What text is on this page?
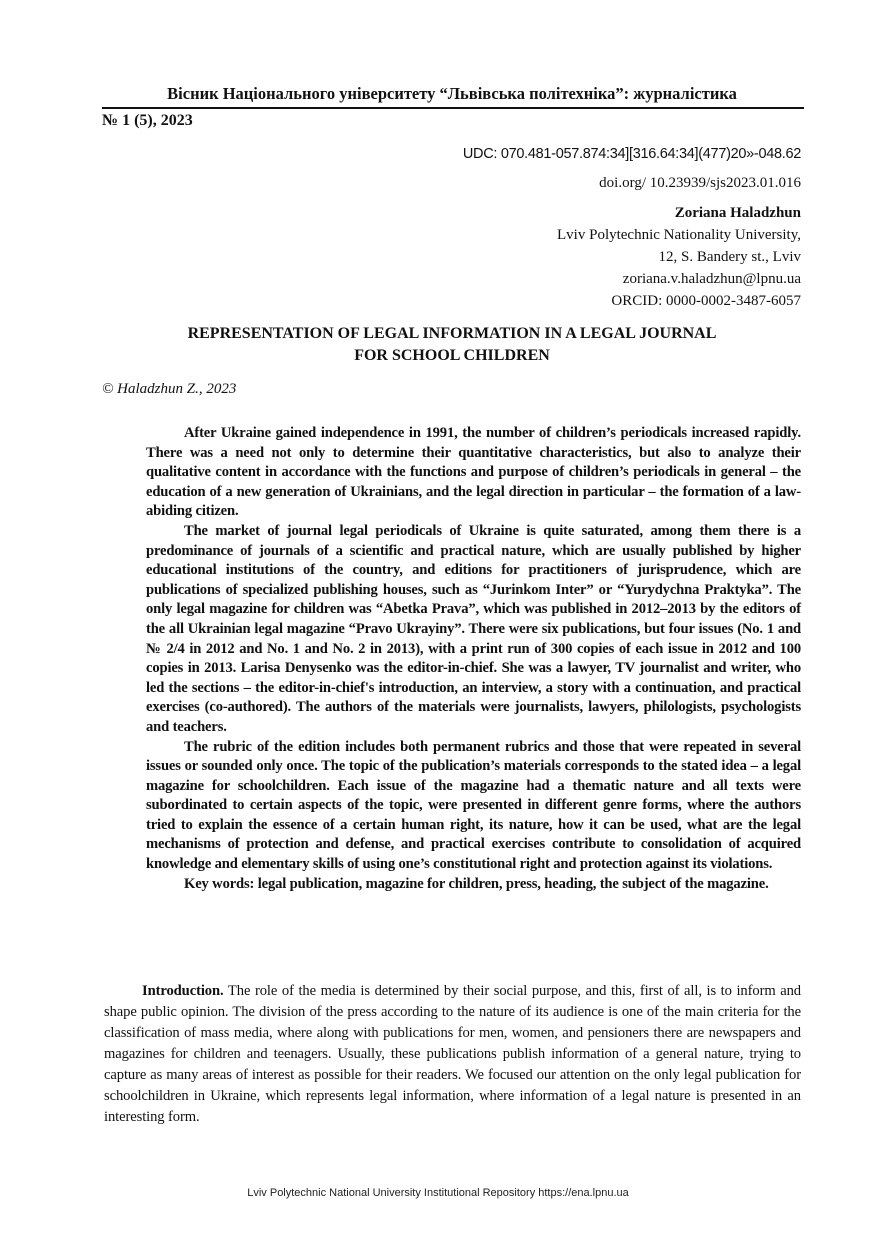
Вісник Національного університету “Львівська політехніка”: журналістика
№ 1 (5), 2023
UDC: 070.481-057.874:34][316.64:34](477)20»-048.62
doi.org/ 10.23939/sjs2023.01.016
Zoriana Haladzhun
Lviv Polytechnic Nationality University,
12, S. Bandery st., Lviv
zoriana.v.haladzhun@lpnu.ua
ORCID: 0000-0002-3487-6057
REPRESENTATION OF LEGAL INFORMATION IN A LEGAL JOURNAL
FOR SCHOOL CHILDREN
© Haladzhun Z., 2023

After Ukraine gained independence in 1991, the number of children’s periodicals increased rapidly. There was a need not only to determine their quantitative characteristics, but also to analyze their qualitative content in accordance with the functions and purpose of children’s periodicals in general – the education of a new generation of Ukrainians, and the legal direction in particular – the formation of a law-abiding citizen.

The market of journal legal periodicals of Ukraine is quite saturated, among them there is a predominance of journals of a scientific and practical nature, which are usually published by higher educational institutions of the country, and editions for practitioners of jurisprudence, which are publications of specialized publishing houses, such as “Jurinkom Inter” or “Yurydychna Praktyka”. The only legal magazine for children was “Abetka Prava”, which was published in 2012–2013 by the editors of the all Ukrainian legal magazine “Pravo Ukrayiny”. There were six publications, but four issues (No. 1 and № 2/4 in 2012 and No. 1 and No. 2 in 2013), with a print run of 300 copies of each issue in 2012 and 100 copies in 2013. Larisa Denysenko was the editor-in-chief. She was a lawyer, TV journalist and writer, who led the sections – the editor-in-chief's introduction, an interview, a story with a continuation, and practical exercises (co-authored). The authors of the materials were journalists, lawyers, philologists, psychologists and teachers.

The rubric of the edition includes both permanent rubrics and those that were repeated in several issues or sounded only once. The topic of the publication’s materials corresponds to the stated idea – a legal magazine for schoolchildren. Each issue of the magazine had a thematic nature and all texts were subordinated to certain aspects of the topic, were presented in different genre forms, where the authors tried to explain the essence of a certain human right, its nature, how it can be used, what are the legal mechanisms of protection and defense, and practical exercises contribute to consolidation of acquired knowledge and elementary skills of using one’s constitutional right and protection against its violations.

Key words: legal publication, magazine for children, press, heading, the subject of the magazine.

Introduction. The role of the media is determined by their social purpose, and this, first of all, is to inform and shape public opinion. The division of the press according to the nature of its audience is one of the main criteria for the classification of mass media, where along with publications for men, women, and pensioners there are newspapers and magazines for children and teenagers. Usually, these publications publish information of a general nature, trying to capture as many areas of interest as possible for their readers. We focused our attention on the only legal publication for schoolchildren in Ukraine, which represents legal information, where information of a legal nature is presented in an interesting form.

Lviv Polytechnic National University Institutional Repository https://ena.lpnu.ua
